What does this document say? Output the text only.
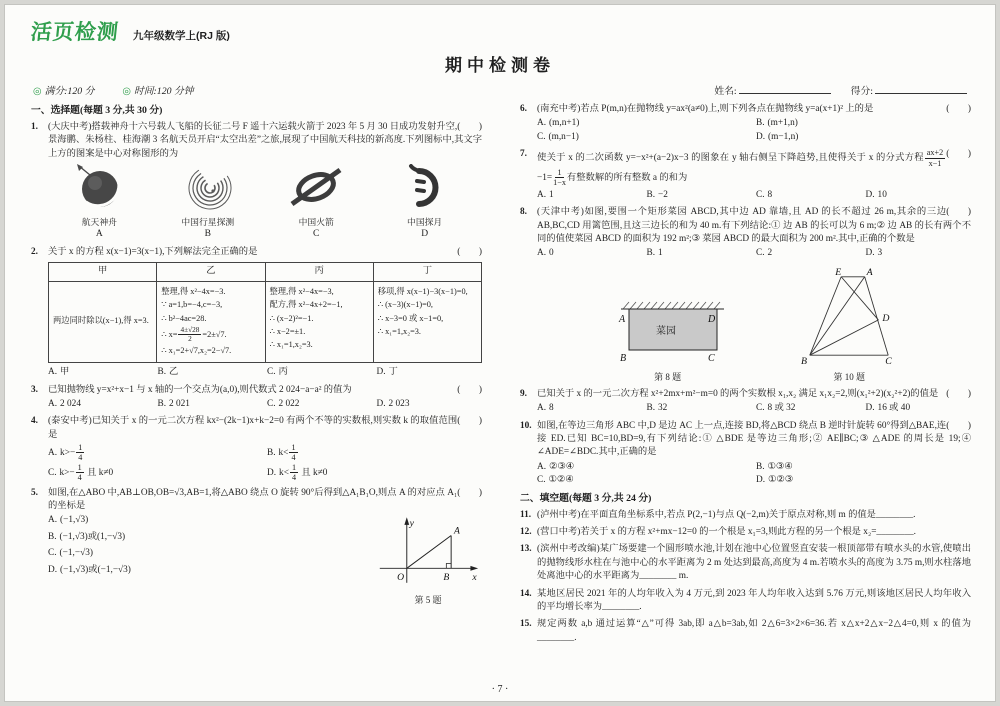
活页检测 九年级数学上(RJ 版)
期中检测卷
◎ 满分:120 分	◎ 时间:120 分钟	姓名:	得分:
一、选择题(每题 3 分,共 30 分)
1.	(　　)
(大庆中考)搭载神舟十六号载人飞船的长征二号 F 遥十六运载火箭于 2023 年 5 月 30 日成功发射升空,景海鹏、朱杨柱、桂海潮 3 名航天员开启“太空出差”之旅,展现了中国航天科技的新高度.下列图标中,其文字上方的图案是中心对称图形的为
航天神舟
A
中国行星探测
B
中国火箭
C
中国探月
D
2.	(　　)
关于 x 的方程 x(x−1)=3(x−1),下列解法完全正确的是
甲	乙	丙	丁

两边同时除以(x−1),得 x=3.

整理,得 x²−4x=−3.
∵ a=1,b=−4,c=−3,
∴ b²−4ac=28.
∴ $x= \frac{4\pm√28}{2} =2\pm√7$.
∴ x₁=2+√7,x₂=2−√7.

整理,得 x²−4x=−3,
配方,得 x²−4x+2=−1,
∴ (x−2)²=−1.
∴ x−2=±1.
∴ x₁=1,x₂=3.

移项,得 x(x−1)−3(x−1)=0,
∴ (x−3)(x−1)=0,
∴ x−3=0 或 x−1=0,
∴ x₁=1,x₂=3.
A. 甲	B. 乙	C. 丙	D. 丁
3.	(　　)
已知抛物线 y=x²+x−1 与 x 轴的一个交点为(a,0),则代数式 2 024−a−a² 的值为
A. 2 024	B. 2 021	C. 2 022	D. 2 023
4.	(　　)
(泰安中考)已知关于 x 的一元二次方程 kx²−(2k−1)x+k−2=0 有两个不等的实数根,则实数 k 的取值范围是
A. $k>- \frac{1}{4}$	B. $k< \frac{1}{4}$
C. $k>- \frac{1}{4}$ 且 k≠0	D. $k< \frac{1}{4}$ 且 k≠0
5.	(　　)
如图,在△ABO 中,AB⊥OB,OB=√3,AB=1,将△ABO 绕点 O 旋转 90°后得到△A₁B₁O,则点 A 的对应点 A₁ 的坐标是
A. (−1,√3)
B. (−1,√3)或(1,−√3)
C. (−1,−√3)
D. (−1,√3)或(−1,−√3)
y
x
O
A
B
第 5 题
6.	(　　)
(南充中考)若点 P(m,n)在抛物线 y=ax²(a≠0)上,则下列各点在抛物线 y=a(x+1)² 上的是
A. (m,n+1)	B. (m+1,n)
C. (m,n−1)	D. (m−1,n)
7.	(　　)
使关于 x 的二次函数 y=−x²+(a−2)x−3 的图象在 y 轴右侧呈下降趋势,且使得关于 x 的分式方程 $\frac{ax+2}{x-1}$
$-1= \frac{1}{1-x}$ 有整数解的所有整数 a 的和为
A. 1	B. −2	C. 8	D. 10
8.	(　　)
(天津中考)如图,要围一个矩形菜园 ABCD,其中边 AD 靠墙,且 AD 的长不超过 26 m,其余的三边 AB,BC,CD 用篱笆围,且这三边长的和为 40 m.有下列结论:① 边 AB 的长可以为 6 m;② 边 AB 的长有两个不同的值使菜园 ABCD 的面积为 192 m²;③ 菜园 ABCD 的最大面积为 200 m².其中,正确的个数是
A. 0	B. 1	C. 2	D. 3
菜园
A	D
B	C
第 8 题
E	A
B	C
D
第 10 题
9.	(　　)
已知关于 x 的一元二次方程 x²+2mx+m²−m=0 的两个实数根 x₁,x₂ 满足 x₁x₂=2,则(x₁²+2)(x₂²+2)的值是
A. 8	B. 32	C. 8 或 32	D. 16 或 40
10.	(　　)
如图,在等边三角形 ABC 中,D 是边 AC 上一点,连接 BD,将△BCD 绕点 B 逆时针旋转 60°得到△BAE,连接 ED.已知 BC=10,BD=9,有下列结论:① △BDE 是等边三角形;② AE∥BC;③ △ADE 的周长是 19;④ ∠ADE=∠BDC.其中,正确的是
A. ②③④	B. ①③④
C. ①②④	D. ①②③
二、填空题(每题 3 分,共 24 分)
11. (泸州中考)在平面直角坐标系中,若点 P(2,−1)与点 Q(−2,m)关于原点对称,则 m 的值是________.
12. (营口中考)若关于 x 的方程 x²+mx−12=0 的一个根是 x₁=3,则此方程的另一个根是 x₂=________.
13. (滨州中考改编)某广场要建一个圆形喷水池,计划在池中心位置竖直安装一根顶部带有喷水头的水管,使喷出的抛物线形水柱在与池中心的水平距离为 2 m 处达到最高,高度为 4 m.若喷水头的高度为 3.75 m,则水柱落地处离池中心的水平距离为________ m.
14. 某地区居民 2021 年的人均年收入为 4 万元,到 2023 年人均年收入达到 5.76 万元,则该地区居民人均年收入的平均增长率为________.
15. 规定两数 a,b 通过运算“△”可得 3ab,即 a△b=3ab,如 2△6=3×2×6=36.若 x△x+2△x−2△4=0,则 x 的值为________.
· 7 ·
